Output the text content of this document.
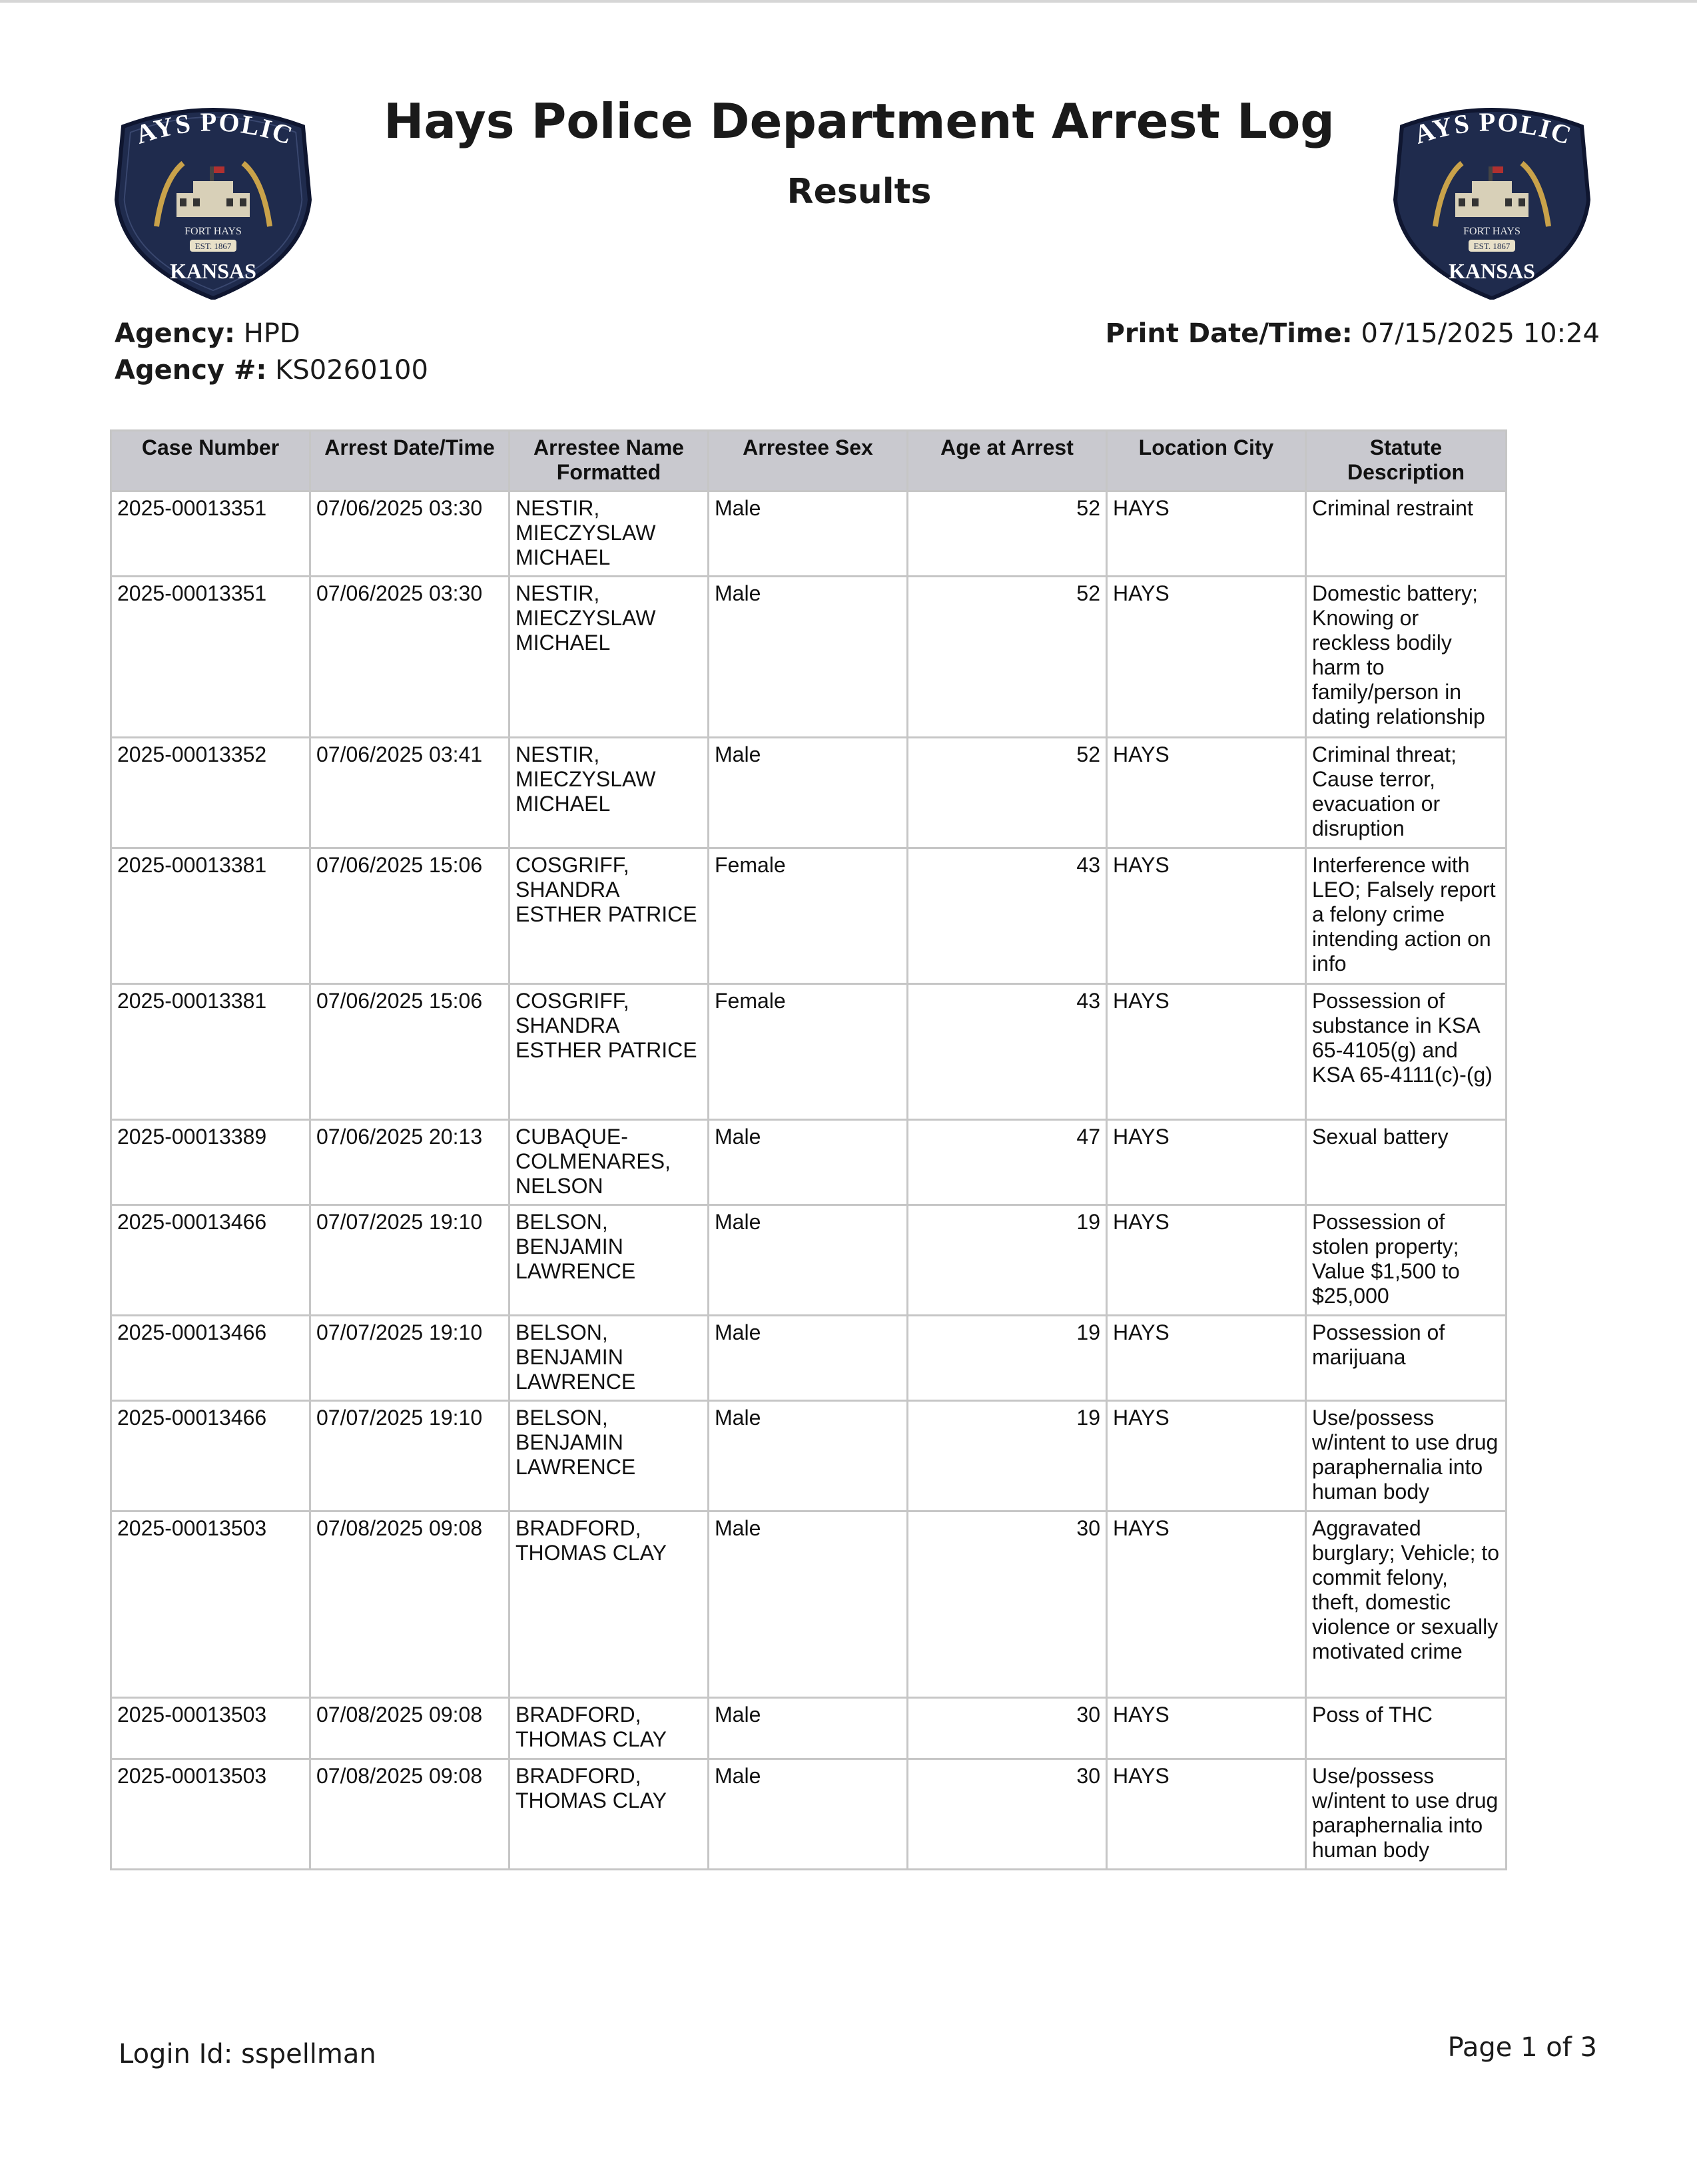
AYS POLIC
FORT HAYS
EST. 1867
KANSAS
AYS POLIC
FORT HAYS
EST. 1867
KANSAS
Hays Police Department Arrest Log
Results
Agency: HPD
Agency #: KS0260100
Print Date/Time: 07/15/2025 10:24
Case Number	Arrest Date/Time	Arrestee Name Formatted	Arrestee Sex	Age at Arrest	Location City	Statute Description
2025-00013351	07/06/2025 03:30	NESTIR, MIECZYSLAW MICHAEL	Male	52	HAYS	Criminal restraint
2025-00013351	07/06/2025 03:30	NESTIR, MIECZYSLAW MICHAEL	Male	52	HAYS	Domestic battery; Knowing or reckless bodily harm to family/person in dating relationship
2025-00013352	07/06/2025 03:41	NESTIR, MIECZYSLAW MICHAEL	Male	52	HAYS	Criminal threat; Cause terror, evacuation or disruption
2025-00013381	07/06/2025 15:06	COSGRIFF, SHANDRA ESTHER PATRICE	Female	43	HAYS	Interference with LEO; Falsely report a felony crime intending action on info
2025-00013381	07/06/2025 15:06	COSGRIFF, SHANDRA ESTHER PATRICE	Female	43	HAYS	Possession of substance in KSA 65-4105(g) and KSA 65-4111(c)-(g)
2025-00013389	07/06/2025 20:13	CUBAQUE-COLMENARES, NELSON	Male	47	HAYS	Sexual battery
2025-00013466	07/07/2025 19:10	BELSON, BENJAMIN LAWRENCE	Male	19	HAYS	Possession of stolen property; Value $1,500 to $25,000
2025-00013466	07/07/2025 19:10	BELSON, BENJAMIN LAWRENCE	Male	19	HAYS	Possession of marijuana
2025-00013466	07/07/2025 19:10	BELSON, BENJAMIN LAWRENCE	Male	19	HAYS	Use/possess w/intent to use drug paraphernalia into human body
2025-00013503	07/08/2025 09:08	BRADFORD, THOMAS CLAY	Male	30	HAYS	Aggravated burglary; Vehicle; to commit felony, theft, domestic violence or sexually motivated crime
2025-00013503	07/08/2025 09:08	BRADFORD, THOMAS CLAY	Male	30	HAYS	Poss of THC
2025-00013503	07/08/2025 09:08	BRADFORD, THOMAS CLAY	Male	30	HAYS	Use/possess w/intent to use drug paraphernalia into human body
Login Id: sspellman	Page 1 of 3
